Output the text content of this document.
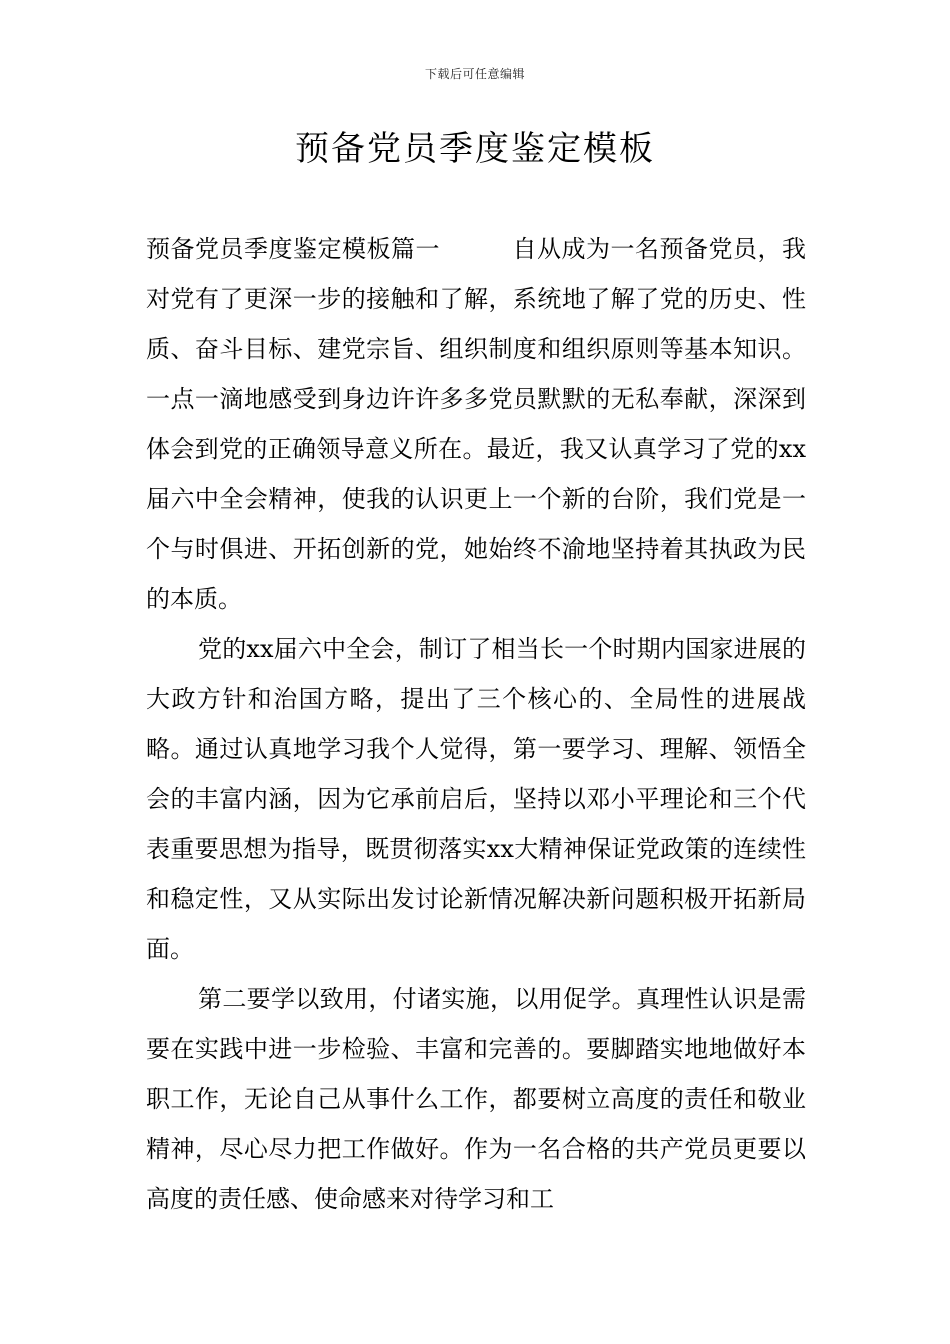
下载后可任意编辑
预备党员季度鉴定模板

预备党员季度鉴定模板篇一	自从成为一名预备党员，我对党有了更深一步的接触和了解，系统地了解了党的历史、性质、奋斗目标、建党宗旨、组织制度和组织原则等基本知识。一点一滴地感受到身边许许多多党员默默的无私奉献，深深到体会到党的正确领导意义所在。最近，我又认真学习了党的xx届六中全会精神，使我的认识更上一个新的台阶，我们党是一个与时俱进、开拓创新的党，她始终不渝地坚持着其执政为民的本质。

党的xx届六中全会，制订了相当长一个时期内国家进展的大政方针和治国方略，提出了三个核心的、全局性的进展战略。通过认真地学习我个人觉得，第一要学习、理解、领悟全会的丰富内涵，因为它承前启后，坚持以邓小平理论和三个代表重要思想为指导，既贯彻落实xx大精神保证党政策的连续性和稳定性，又从实际出发讨论新情况解决新问题积极开拓新局面。

第二要学以致用，付诸实施，以用促学。真理性认识是需要在实践中进一步检验、丰富和完善的。要脚踏实地地做好本职工作，无论自己从事什么工作，都要树立高度的责任和敬业精神，尽心尽力把工作做好。作为一名合格的共产党员更要以高度的责任感、使命感来对待学习和工
